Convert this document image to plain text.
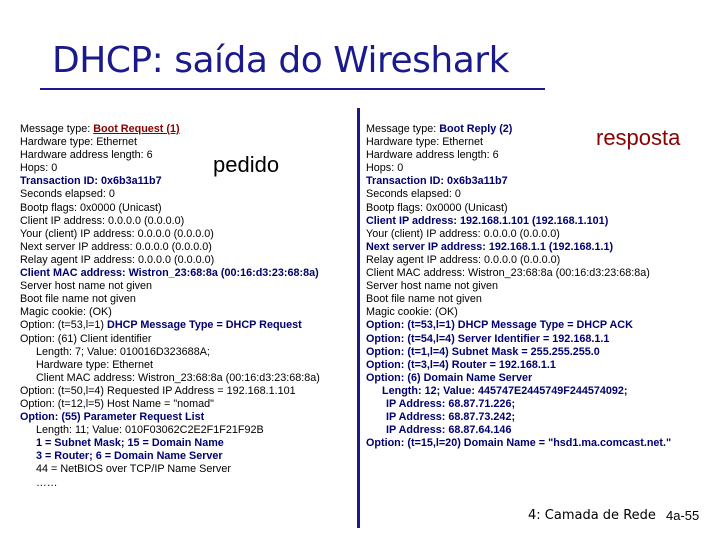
DHCP: saída do Wireshark
pedido
resposta
Message type: Boot Request (1)
Hardware type: Ethernet
Hardware address length: 6
Hops: 0
Transaction ID: 0x6b3a11b7
Seconds elapsed: 0
Bootp flags: 0x0000 (Unicast)
Client IP address: 0.0.0.0 (0.0.0.0)
Your (client) IP address: 0.0.0.0 (0.0.0.0)
Next server IP address: 0.0.0.0 (0.0.0.0)
Relay agent IP address: 0.0.0.0 (0.0.0.0)
Client MAC address: Wistron_23:68:8a (00:16:d3:23:68:8a)
Server host name not given
Boot file name not given
Magic cookie: (OK)
Option: (t=53,l=1) DHCP Message Type = DHCP Request
Option: (61) Client identifier
Length: 7; Value: 010016D323688A;
Hardware type: Ethernet
Client MAC address: Wistron_23:68:8a (00:16:d3:23:68:8a)
Option: (t=50,l=4) Requested IP Address = 192.168.1.101
Option: (t=12,l=5) Host Name = "nomad"
Option: (55) Parameter Request List
Length: 11; Value: 010F03062C2E2F1F21F92B
1 = Subnet Mask; 15 = Domain Name
3 = Router; 6 = Domain Name Server
44 = NetBIOS over TCP/IP Name Server
……
Message type: Boot Reply (2)
Hardware type: Ethernet
Hardware address length: 6
Hops: 0
Transaction ID: 0x6b3a11b7
Seconds elapsed: 0
Bootp flags: 0x0000 (Unicast)
Client IP address: 192.168.1.101 (192.168.1.101)
Your (client) IP address: 0.0.0.0 (0.0.0.0)
Next server IP address: 192.168.1.1 (192.168.1.1)
Relay agent IP address: 0.0.0.0 (0.0.0.0)
Client MAC address: Wistron_23:68:8a (00:16:d3:23:68:8a)
Server host name not given
Boot file name not given
Magic cookie: (OK)
Option: (t=53,l=1) DHCP Message Type = DHCP ACK
Option: (t=54,l=4) Server Identifier = 192.168.1.1
Option: (t=1,l=4) Subnet Mask = 255.255.255.0
Option: (t=3,l=4) Router = 192.168.1.1
Option: (6) Domain Name Server
Length: 12; Value: 445747E2445749F244574092;
IP Address: 68.87.71.226;
IP Address: 68.87.73.242;
IP Address: 68.87.64.146
Option: (t=15,l=20) Domain Name = "hsd1.ma.comcast.net."
4: Camada de Rede 4a-55
